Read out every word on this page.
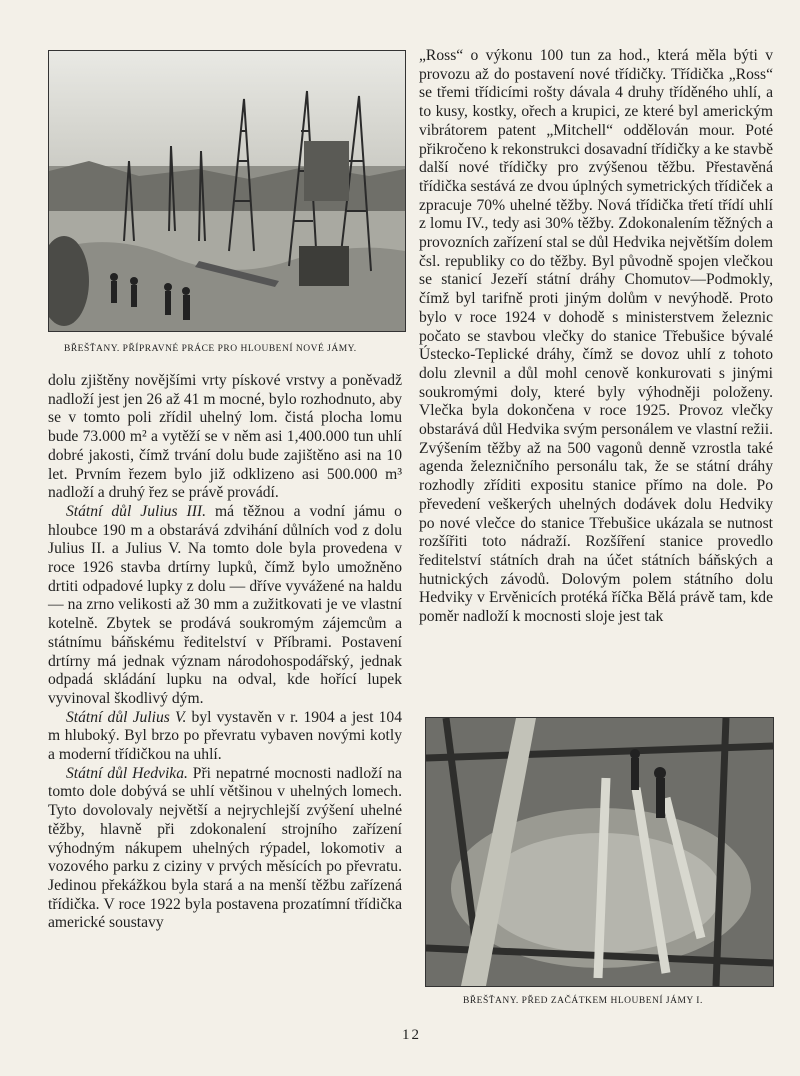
BŘEŠŤANY. PŘÍPRAVNÉ PRÁCE PRO HLOUBENÍ NOVÉ JÁMY.

dolu zjištěny novějšími vrty pískové vrstvy a poněvadž nadloží jest jen 26 až 41 m mocné, bylo rozhodnuto, aby se v tomto poli zřídil uhelný lom. čistá plocha lomu bude 73.000 m² a vytěží se v něm asi 1,400.000 tun uhlí dobré jakosti, čímž trvání dolu bude zajištěno asi na 10 let. Prvním řezem bylo již odklizeno asi 500.000 m³ nadloží a druhý řez se právě provádí.

Státní důl Julius III. má těžnou a vodní jámu o hloubce 190 m a obstarává zdvihání důlních vod z dolu Julius II. a Julius V. Na tomto dole byla provedena v roce 1926 stavba drtírny lupků, čímž bylo umožněno drtiti odpadové lupky z dolu — dříve vyvážené na haldu — na zrno velikosti až 30 mm a zužitkovati je ve vlastní kotelně. Zbytek se prodává soukromým zájemcům a státnímu báňskému ředitelství v Příbrami. Postavení drtírny má jednak význam národohospodářský, jednak odpadá skládání lupku na odval, kde hořící lupek vyvinoval škodlivý dým.

Státní důl Julius V. byl vystavěn v r. 1904 a jest 104 m hluboký. Byl brzo po převratu vybaven novými kotly a moderní třídičkou na uhlí.

Státní důl Hedvika. Při nepatrné mocnosti nadloží na tomto dole dobývá se uhlí většinou v uhelných lomech. Tyto dovolovaly největší a nejrychlejší zvýšení uhelné těžby, hlavně při zdokonalení strojního zařízení výhodným nákupem uhelných rýpadel, lokomotiv a vozového parku z ciziny v prvých měsících po převratu. Jedinou překážkou byla stará a na menší těžbu zařízená třídička. V roce 1922 byla postavena prozatímní třídička americké soustavy

„Ross“ o výkonu 100 tun za hod., která měla býti v provozu až do postavení nové třídičky. Třídička „Ross“ se třemi třídicími rošty dávala 4 druhy tříděného uhlí, a to kusy, kostky, ořech a krupici, ze které byl americkým vibrátorem patent „Mitchell“ oddělován mour. Poté přikročeno k rekonstrukci dosavadní třídičky a ke stavbě další nové třídičky pro zvýšenou těžbu. Přestavěná třídička sestává ze dvou úplných symetrických třídiček a zpracuje 70% uhelné těžby. Nová třídička třetí třídí uhlí z lomu IV., tedy asi 30% těžby. Zdokonalením těžných a provozních zařízení stal se důl Hedvika největším dolem čsl. republiky co do těžby. Byl původně spojen vlečkou se stanicí Jezeří státní dráhy Chomutov—Podmokly, čímž byl tarifně proti jiným dolům v nevýhodě. Proto bylo v roce 1924 v dohodě s ministerstvem železnic počato se stavbou vlečky do stanice Třebušice bývalé Ústecko-Teplické dráhy, čímž se dovoz uhlí z tohoto dolu zlevnil a důl mohl cenově konkurovati s jinými soukromými doly, které byly výhodněji položeny. Vlečka byla dokončena v roce 1925. Provoz vlečky obstarává důl Hedvika svým personálem ve vlastní režii. Zvýšením těžby až na 500 vagonů denně vzrostla také agenda železničního personálu tak, že se státní dráhy rozhodly zříditi expositu stanice přímo na dole. Po převedení veškerých uhelných dodávek dolu Hedviky po nové vlečce do stanice Třebušice ukázala se nutnost rozšířiti toto nádraží. Rozšíření stanice provedlo ředitelství státních drah na účet státních báňských a hutnických závodů. Dolovým polem státního dolu Hedviky v Ervěnicích protéká říčka Bělá právě tam, kde poměr nadloží k mocnosti sloje jest tak

BŘEŠŤANY. PŘED ZAČÁTKEM HLOUBENÍ JÁMY I.
12
